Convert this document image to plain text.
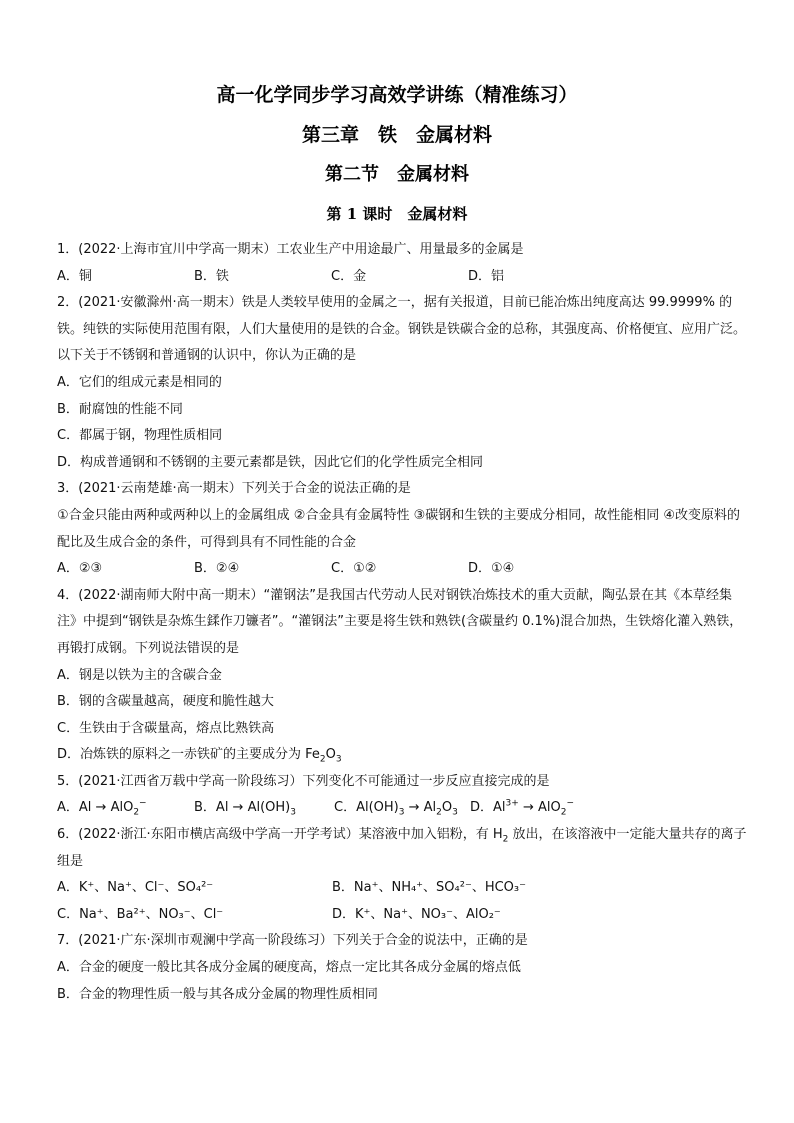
高一化学同步学习高效学讲练（精准练习）
第三章　铁　金属材料
第二节　金属材料
第 1 课时　金属材料
1．(2022·上海市宜川中学高一期末）工农业生产中用途最广、用量最多的金属是
A．铜	B．铁	C．金	D．铝
2．(2021·安徽滁州·高一期末）铁是人类较早使用的金属之一，据有关报道，目前已能冶炼出纯度高达 99.9999% 的铁。纯铁的实际使用范围有限，人们大量使用的是铁的合金。钢铁是铁碳合金的总称，其强度高、价格便宜、应用广泛。以下关于不锈钢和普通钢的认识中，你认为正确的是
A．它们的组成元素是相同的
B．耐腐蚀的性能不同
C．都属于钢，物理性质相同
D．构成普通钢和不锈钢的主要元素都是铁，因此它们的化学性质完全相同
3．(2021·云南楚雄·高一期末）下列关于合金的说法正确的是
①合金只能由两种或两种以上的金属组成 ②合金具有金属特性 ③碳钢和生铁的主要成分相同，故性能相同 ④改变原料的配比及生成合金的条件，可得到具有不同性能的合金
A．②③	B．②④	C．①②	D．①④
4．(2022·湖南师大附中高一期末）“灌钢法”是我国古代劳动人民对钢铁冶炼技术的重大贡献，陶弘景在其《本草经集注》中提到“钢铁是杂炼生鍒作刀镰者”。“灌钢法”主要是将生铁和熟铁(含碳量约 0.1%)混合加热，生铁熔化灌入熟铁，再锻打成钢。下列说法错误的是
A．钢是以铁为主的含碳合金
B．钢的含碳量越高，硬度和脆性越大
C．生铁由于含碳量高，熔点比熟铁高
D．冶炼铁的原料之一赤铁矿的主要成分为 $Fe_2O_3$
5．(2021·江西省万载中学高一阶段练习）下列变化不可能通过一步反应直接完成的是
A．Al → AlO$_2$−	B．$Al \to Al(OH)_3$	C．$Al(OH)_3 \to Al_2O_3$ D．$Al^{3+} \to AlO_2^-$
6．(2022·浙江·东阳市横店高级中学高一开学考试）某溶液中加入铝粉，有 $H_2$ 放出，在该溶液中一定能大量共存的离子组是
A．K⁺、Na⁺、Cl⁻、SO₄²⁻	B．Na⁺、NH₄⁺、SO₄²⁻、HCO₃⁻
C．Na⁺、Ba²⁺、NO₃⁻、Cl⁻	D．K⁺、Na⁺、NO₃⁻、AlO₂⁻
7．(2021·广东·深圳市观澜中学高一阶段练习）下列关于合金的说法中，正确的是
A．合金的硬度一般比其各成分金属的硬度高，熔点一定比其各成分金属的熔点低
B．合金的物理性质一般与其各成分金属的物理性质相同
